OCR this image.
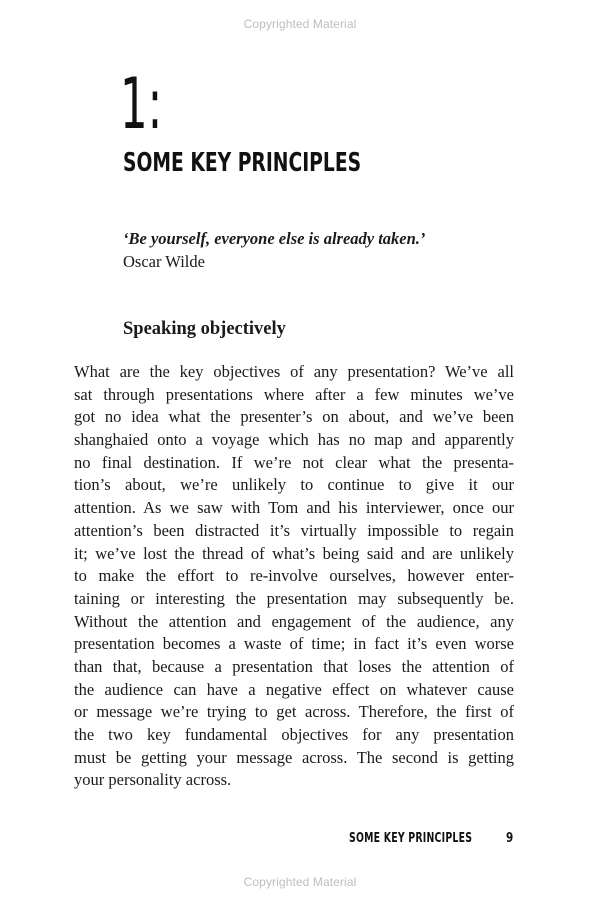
Copyrighted Material
1:
SOME KEY PRINCIPLES
‘Be yourself, everyone else is already taken.’
Oscar Wilde
Speaking objectively
What are the key objectives of any presentation? We’ve all
sat through presentations where after a few minutes we’ve
got no idea what the presenter’s on about, and we’ve been
shanghaied onto a voyage which has no map and apparently
no final destination. If we’re not clear what the presenta-
tion’s about, we’re unlikely to continue to give it our
attention. As we saw with Tom and his interviewer, once our
attention’s been distracted it’s virtually impossible to regain
it; we’ve lost the thread of what’s being said and are unlikely
to make the effort to re-involve ourselves, however enter-
taining or interesting the presentation may subsequently be.
Without the attention and engagement of the audience, any
presentation becomes a waste of time; in fact it’s even worse
than that, because a presentation that loses the attention of
the audience can have a negative effect on whatever cause
or message we’re trying to get across. Therefore, the first of
the two key fundamental objectives for any presentation
must be getting your message across. The second is getting
your personality across.
SOME KEY PRINCIPLES	9
Copyrighted Material
